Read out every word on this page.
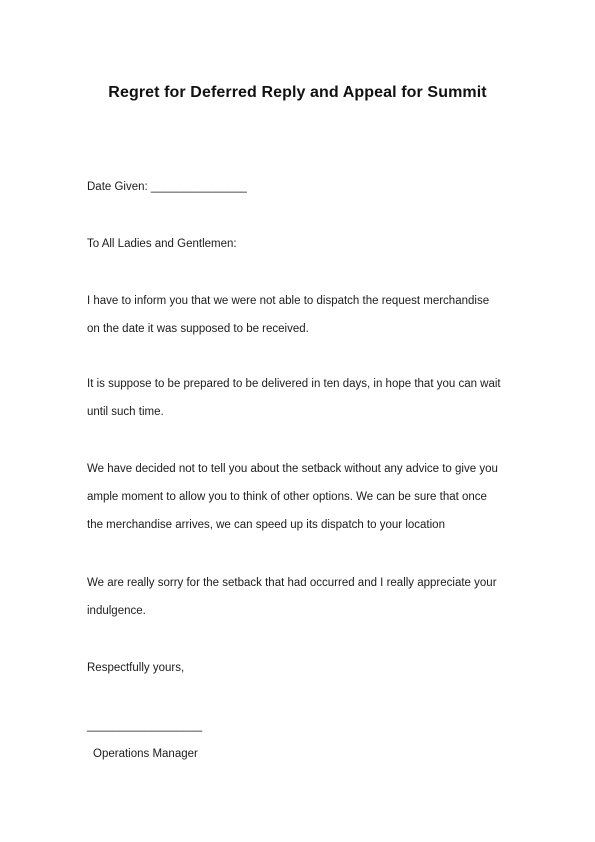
Regret for Deferred Reply and Appeal for Summit
Date Given: _______________
To All Ladies and Gentlemen:
I have to inform you that we were not able to dispatch the request merchandise
on the date it was supposed to be received.
It is suppose to be prepared to be delivered in ten days, in hope that you can wait
until such time.
We have decided not to tell you about the setback without any advice to give you
ample moment to allow you to think of other options. We can be sure that once
the merchandise arrives, we can speed up its dispatch to your location
We are really sorry for the setback that had occurred and I really appreciate your
indulgence.
Respectfully yours,
__________________
Operations Manager
